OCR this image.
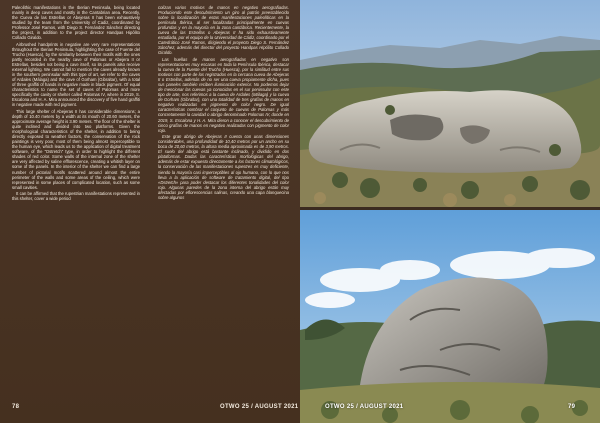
Paleolithic manifestations in the Iberian Peninsula, being located mainly in deep caves and mostly in the Cantabrian area. Recently, the Cueva de las Estrellas or Abejeras II has been exhaustively studied by the team from the University of Cadiz, coordinated by Professor José Ramos, with Diego S. Fernández Sánchez directing the project, in addition to the project director Handpas Hipólito Collado Giraldo.

Airbrushed handprints in negative are very rare representations throughout the Iberian Peninsula, highlighting the case of Fuente del Trucho (Huesca), by the similarity between their motifs with the ones partly recorded in the nearby cave of Palomas or Abejera II or Estrellas, besides not being a cave itself, so its panels also receive external lighting. We cannot fail to mention the caves already known in the southern peninsular with this type of art, we refer to the caves of Ardales (Málaga) and the cave of Gorham (Gibraltar), with a total of three graffiti of hands in negative made in black pigment. Of equal characteristics to name the set of caves of Palomas and more specifically the cavity or shelter called Palomas IV, where in 2019, S. Escalona and H. A. Mira announced the discovery of five hand graffiti in negative made with red pigment.

This large shelter of Abejeras II has considerable dimensions; a depth of 10.40 meters by a width at its mouth of 20.60 meters, the approximate average height is 3.90 meters. The floor of the shelter is quite inclined and divided into two platforms. Given the morphological characteristics of the shelter, in addition to being directly exposed to weather factors, the conservation of the rock paintings is very poor, most of them being almost imperceptible to the human eye, which leads us to the application of digital treatment software, of the "Dstretch" type, in order to highlight the different shades of red color. Some walls of the internal zone of the shelter are very affected by saline efflorescence, creating a whitish layer on some of the panels. In the interior of the shelter we can find a large number of pictorial motifs scattered around almost the entire perimeter of the walls and some areas of the ceiling, which were represented in some places of complicated location, such as some small cavities.

It can be affirmed that the rupestrian manifestations represented in this shelter, cover a wide period

colizan varios motivos de manos en negativo aerografiadas. Produciendo este descubrimiento un giro al patrón preestablecido sobre la localización de estas manifestaciones paleolíticas en la península Ibérica, al ser localizadas principalmente en cuevas profundas y en la mayoría en la zona cantábrica. Recientemente, la cueva de las Estrellas o Abejeras II ha sido exhaustivamente estudiada, por el equipo de la Universidad de Cádiz, coordinado por el Catedrático José Ramos, dirigiendo el proyecto Diego S. Fernández Sánchez, además del director del proyecto Handpas Hipólito Collado Giraldo.

Las huellas de manos aerografiadas en negativo son representaciones muy escasas en toda la Península Ibérica, destacar la cueva de la Fuente del Trucho (Huesca), por la similitud entre sus motivos con parte de los registrados en la cercana cueva de Abejeras II o Estrellas, además de no ser una cueva propiamente dicha, pues sus paneles también reciben iluminación exterior. No podemos dejar de mencionar las cuevas ya conocidas en el sur peninsular con este tipo de arte, nos referimos a la cueva de Ardales (Málaga) y la cueva de Gorham (Gibraltar), con una totalidad de tres grafías de manos en negativo realizadas en pigmento de color negro. De igual características nombrar el conjunto de cuevas de Palomas y más concretamente la cavidad o abrigo denominado Palomas IV, donde en 2019, S. Escalona y H. A. Mira dieron a conocer el descubrimiento de cinco grafías de manos en negativo realizadas con pigmento de color rojo.

Este gran abrigo de Abejeras II cuenta con unas dimensiones considerables, una profundidad de 10,40 metros por un ancho en su boca de 20,60 metros, la altura media aproximada es de 3,90 metros. El suelo del abrigo está bastante inclinado, y dividido en dos plataformas. Dadas las características morfológicas del abrigo, además de estar expuesto directamente a los factores climatológicos, la conservación de las manifestaciones rupestres es muy deficiente, siendo la mayoría casi imperceptibles al ojo humano, con lo que nos lleva a la aplicación de software de tratamiento digital, del tipo «Dstretch» para poder destacar los diferentes tonalidades del color rojo. Algunas paredes de la zona interna del abrigo están muy afectadas por eflorescencias salinas, creando una capa blanquecina sobre algunos

78	OTWO 25 / AUGUST 2021	OTWO 25 / AUGUST 2021	79
